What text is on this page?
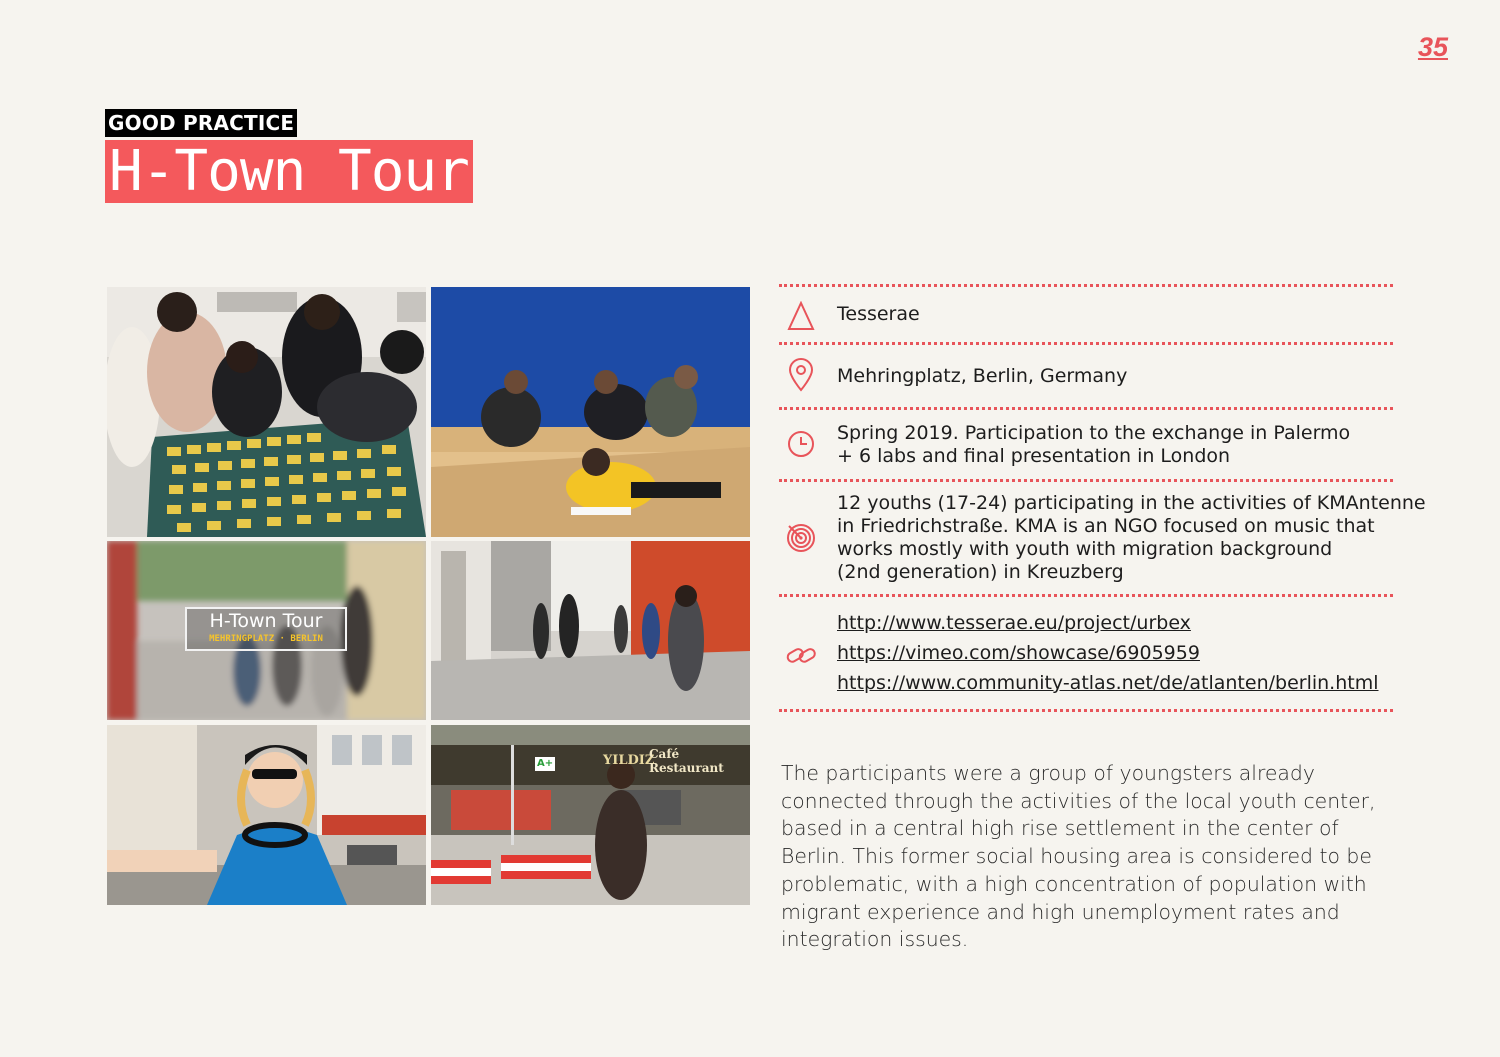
35
GOOD PRACTICE
H-Town Tour
H-Town Tour
MEHRINGPLATZ · BERLIN
A+	YILDIZ
Café Restaurant
Tesserae
Mehringplatz, Berlin, Germany
Spring 2019. Participation to the exchange in Palermo
+ 6 labs and final presentation in London
12 youths (17-24) participating in the activities of KMAntenne
in Friedrichstraße. KMA is an NGO focused on music that
works mostly with youth with migration background
(2nd generation) in Kreuzberg
http://www.tesserae.eu/project/urbex
https://vimeo.com/showcase/6905959
https://www.community-atlas.net/de/atlanten/berlin.html
The participants were a group of youngsters already
connected through the activities of the local youth center,
based in a central high rise settlement in the center of
Berlin. This former social housing area is considered to be
problematic, with a high concentration of population with
migrant experience and high unemployment rates and
integration issues.
